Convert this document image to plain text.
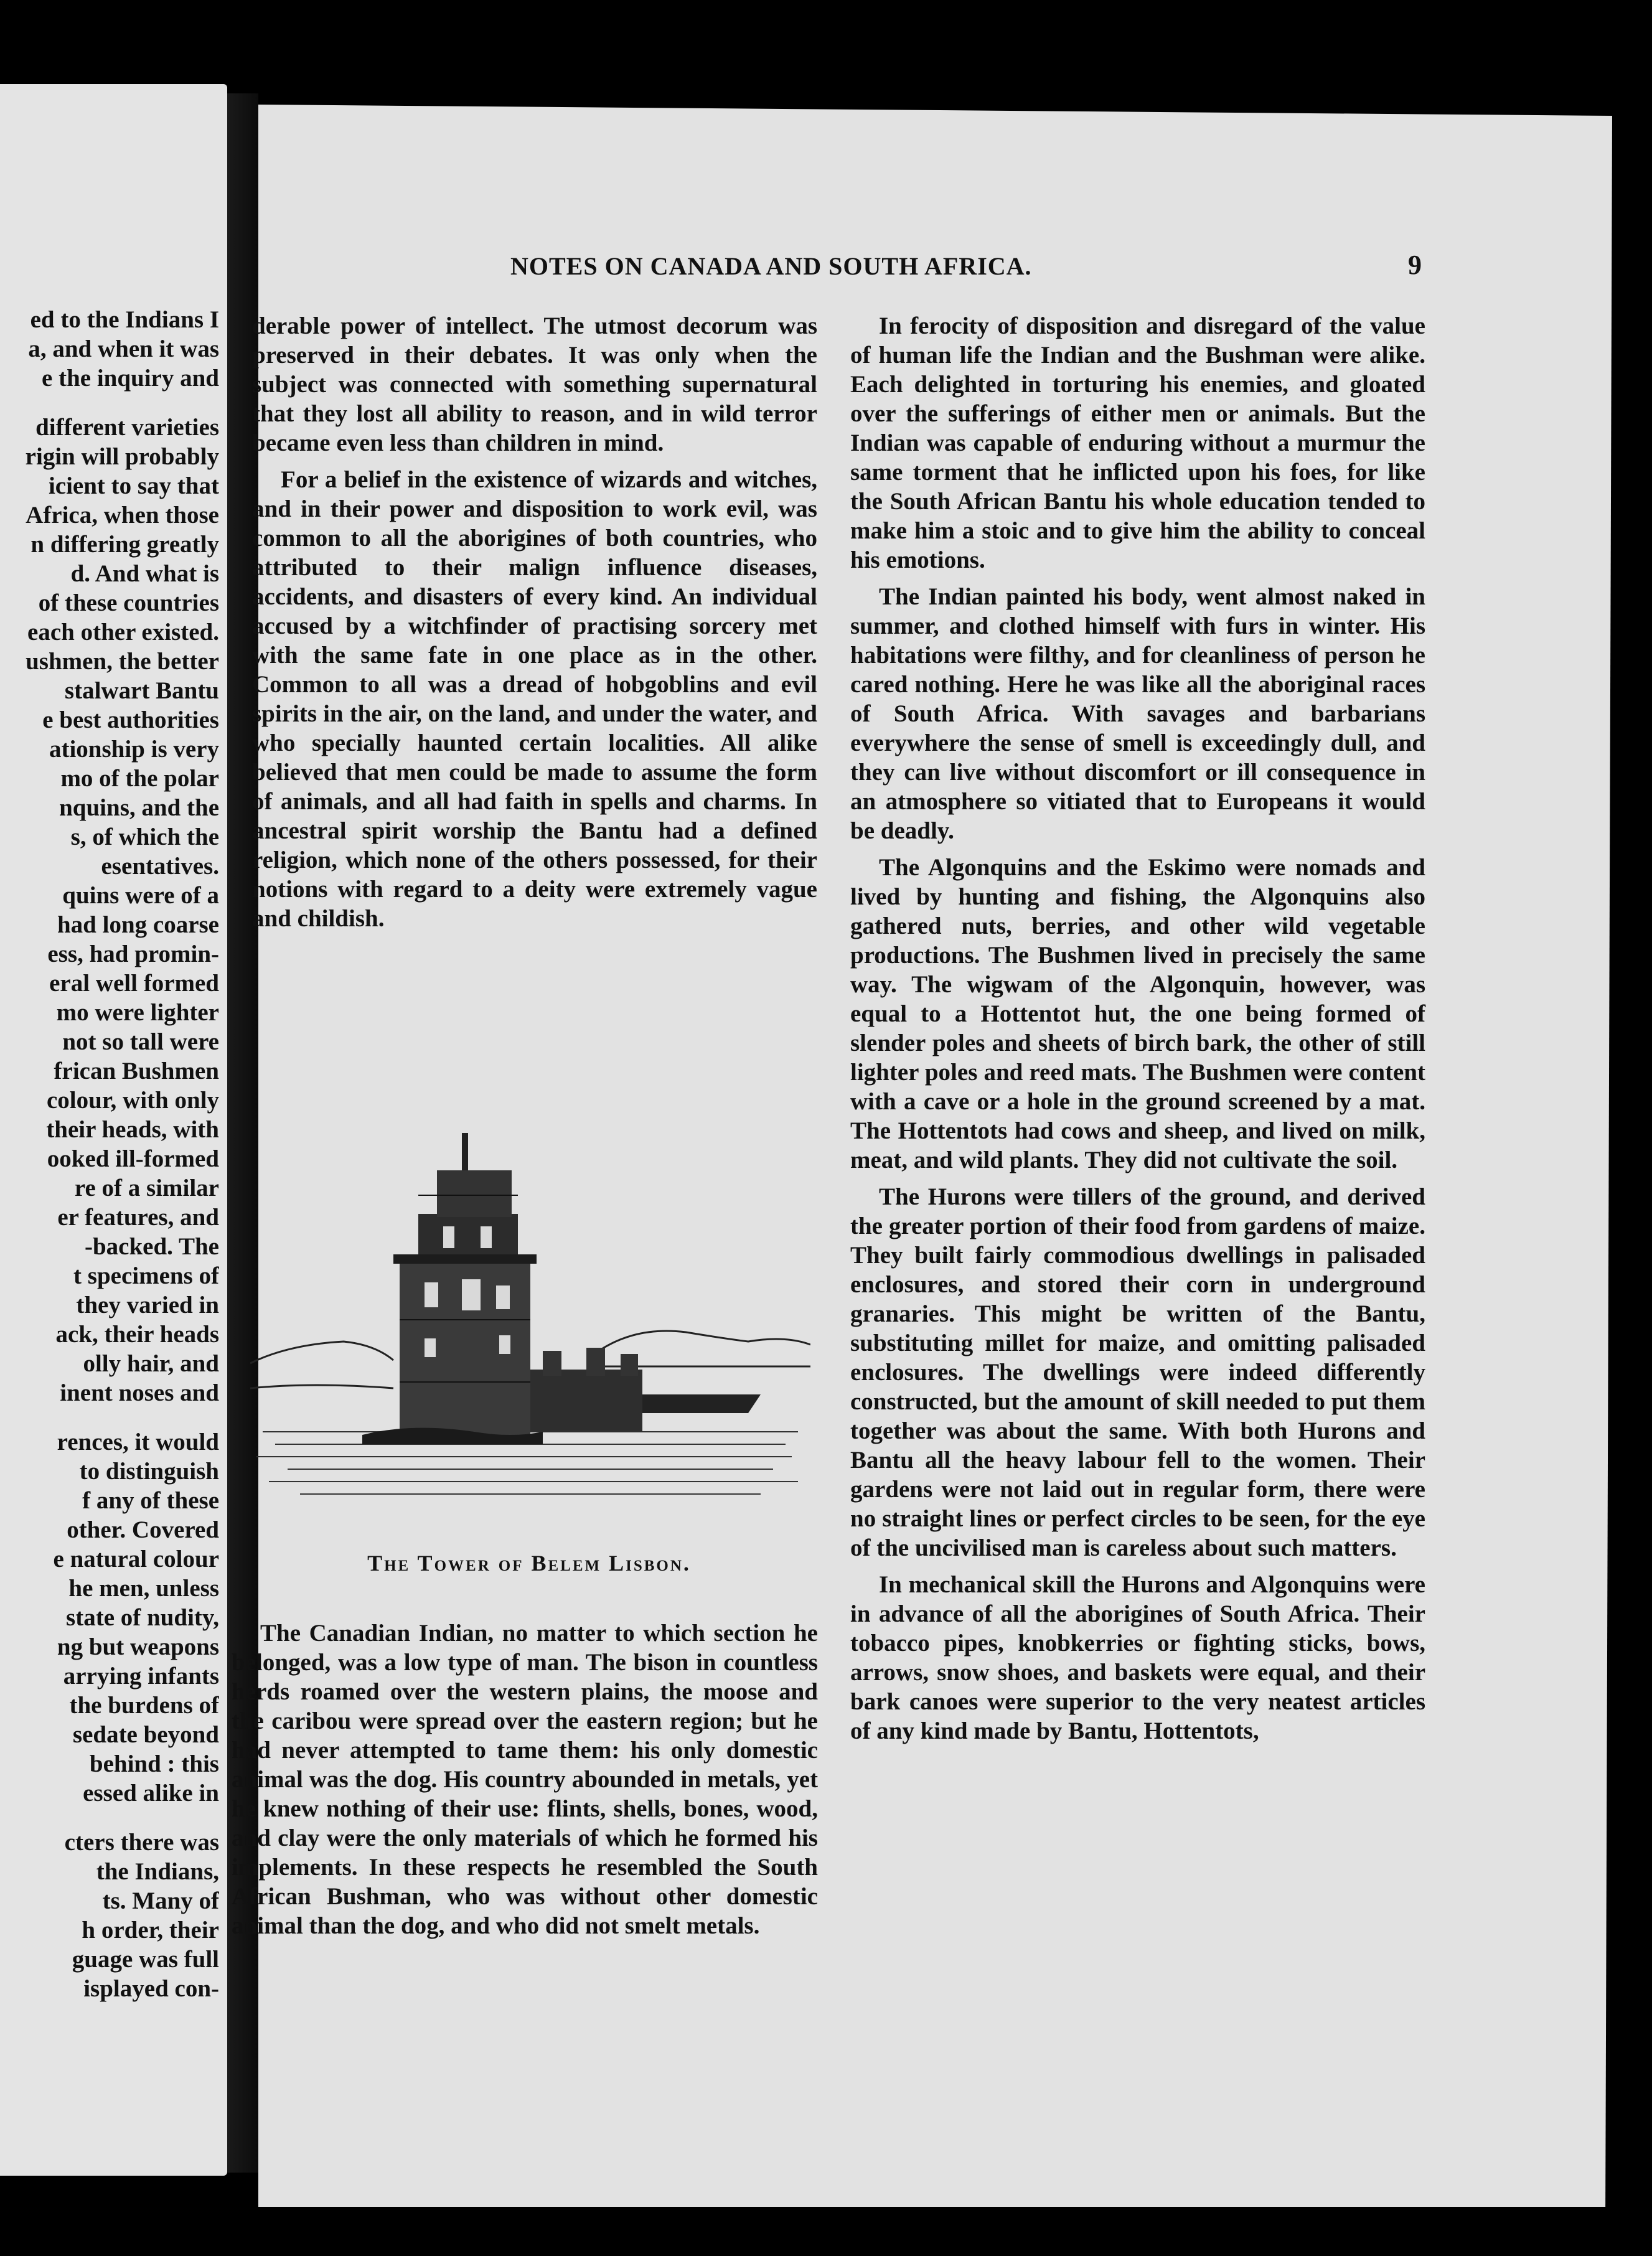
ed to the Indians I
a, and when it was
e the inquiry and
different varieties
rigin will probably
icient to say that
Africa, when those
n differing greatly
d. And what is
of these countries
each other existed.
ushmen, the better
stalwart Bantu
e best authorities
ationship is very
mo of the polar
nquins, and the
s, of which the
esentatives.
quins were of a
had long coarse
ess, had promin-
eral well formed
mo were lighter
not so tall were
frican Bushmen
colour, with only
their heads, with
ooked ill-formed
re of a similar
er features, and
-backed. The
t specimens of
they varied in
ack, their heads
olly hair, and
inent noses and
rences, it would
to distinguish
f any of these
other. Covered
e natural colour
he men, unless
state of nudity,
ng but weapons
arrying infants
the burdens of
sedate beyond
behind : this
essed alike in
cters there was
the Indians,
ts. Many of
h order, their
guage was full
isplayed con-
NOTES ON CANADA AND SOUTH AFRICA.	9

derable power of intellect. The utmost decorum was preserved in their debates. It was only when the subject was connected with something supernatural that they lost all ability to reason, and in wild terror became even less than children in mind.

For a belief in the existence of wizards and witches, and in their power and disposition to work evil, was common to all the aborigines of both countries, who attributed to their malign influence diseases, accidents, and disasters of every kind. An individual accused by a witchfinder of practising sorcery met with the same fate in one place as in the other. Common to all was a dread of hobgoblins and evil spirits in the air, on the land, and under the water, and who specially haunted certain localities. All alike believed that men could be made to assume the form of animals, and all had faith in spells and charms. In ancestral spirit worship the Bantu had a defined religion, which none of the others possessed, for their notions with regard to a deity were extremely vague and childish.

The Tower of Belem Lisbon.

The Canadian Indian, no matter to which section he belonged, was a low type of man. The bison in countless herds roamed over the western plains, the moose and the caribou were spread over the eastern region; but he had never attempted to tame them: his only domestic animal was the dog. His country abounded in metals, yet he knew nothing of their use: flints, shells, bones, wood, and clay were the only materials of which he formed his implements. In these respects he resembled the South African Bushman, who was without other domestic animal than the dog, and who did not smelt metals.

In ferocity of disposition and disregard of the value of human life the Indian and the Bushman were alike. Each delighted in torturing his enemies, and gloated over the sufferings of either men or animals. But the Indian was capable of enduring without a murmur the same torment that he inflicted upon his foes, for like the South African Bantu his whole education tended to make him a stoic and to give him the ability to conceal his emotions.

The Indian painted his body, went almost naked in summer, and clothed himself with furs in winter. His habitations were filthy, and for cleanliness of person he cared nothing. Here he was like all the aboriginal races of South Africa. With savages and barbarians everywhere the sense of smell is exceedingly dull, and they can live without discomfort or ill consequence in an atmosphere so vitiated that to Europeans it would be deadly.

The Algonquins and the Eskimo were nomads and lived by hunting and fishing, the Algonquins also gathered nuts, berries, and other wild vegetable productions. The Bushmen lived in precisely the same way. The wigwam of the Algonquin, however, was equal to a Hottentot hut, the one being formed of slender poles and sheets of birch bark, the other of still lighter poles and reed mats. The Bushmen were content with a cave or a hole in the ground screened by a mat. The Hottentots had cows and sheep, and lived on milk, meat, and wild plants. They did not cultivate the soil.

The Hurons were tillers of the ground, and derived the greater portion of their food from gardens of maize. They built fairly commodious dwellings in palisaded enclosures, and stored their corn in underground granaries. This might be written of the Bantu, substituting millet for maize, and omitting palisaded enclosures. The dwellings were indeed differently constructed, but the amount of skill needed to put them together was about the same. With both Hurons and Bantu all the heavy labour fell to the women. Their gardens were not laid out in regular form, there were no straight lines or perfect circles to be seen, for the eye of the uncivilised man is careless about such matters.

In mechanical skill the Hurons and Algonquins were in advance of all the aborigines of South Africa. Their tobacco pipes, knobkerries or fighting sticks, bows, arrows, snow shoes, and baskets were equal, and their bark canoes were superior to the very neatest articles of any kind made by Bantu, Hottentots,
